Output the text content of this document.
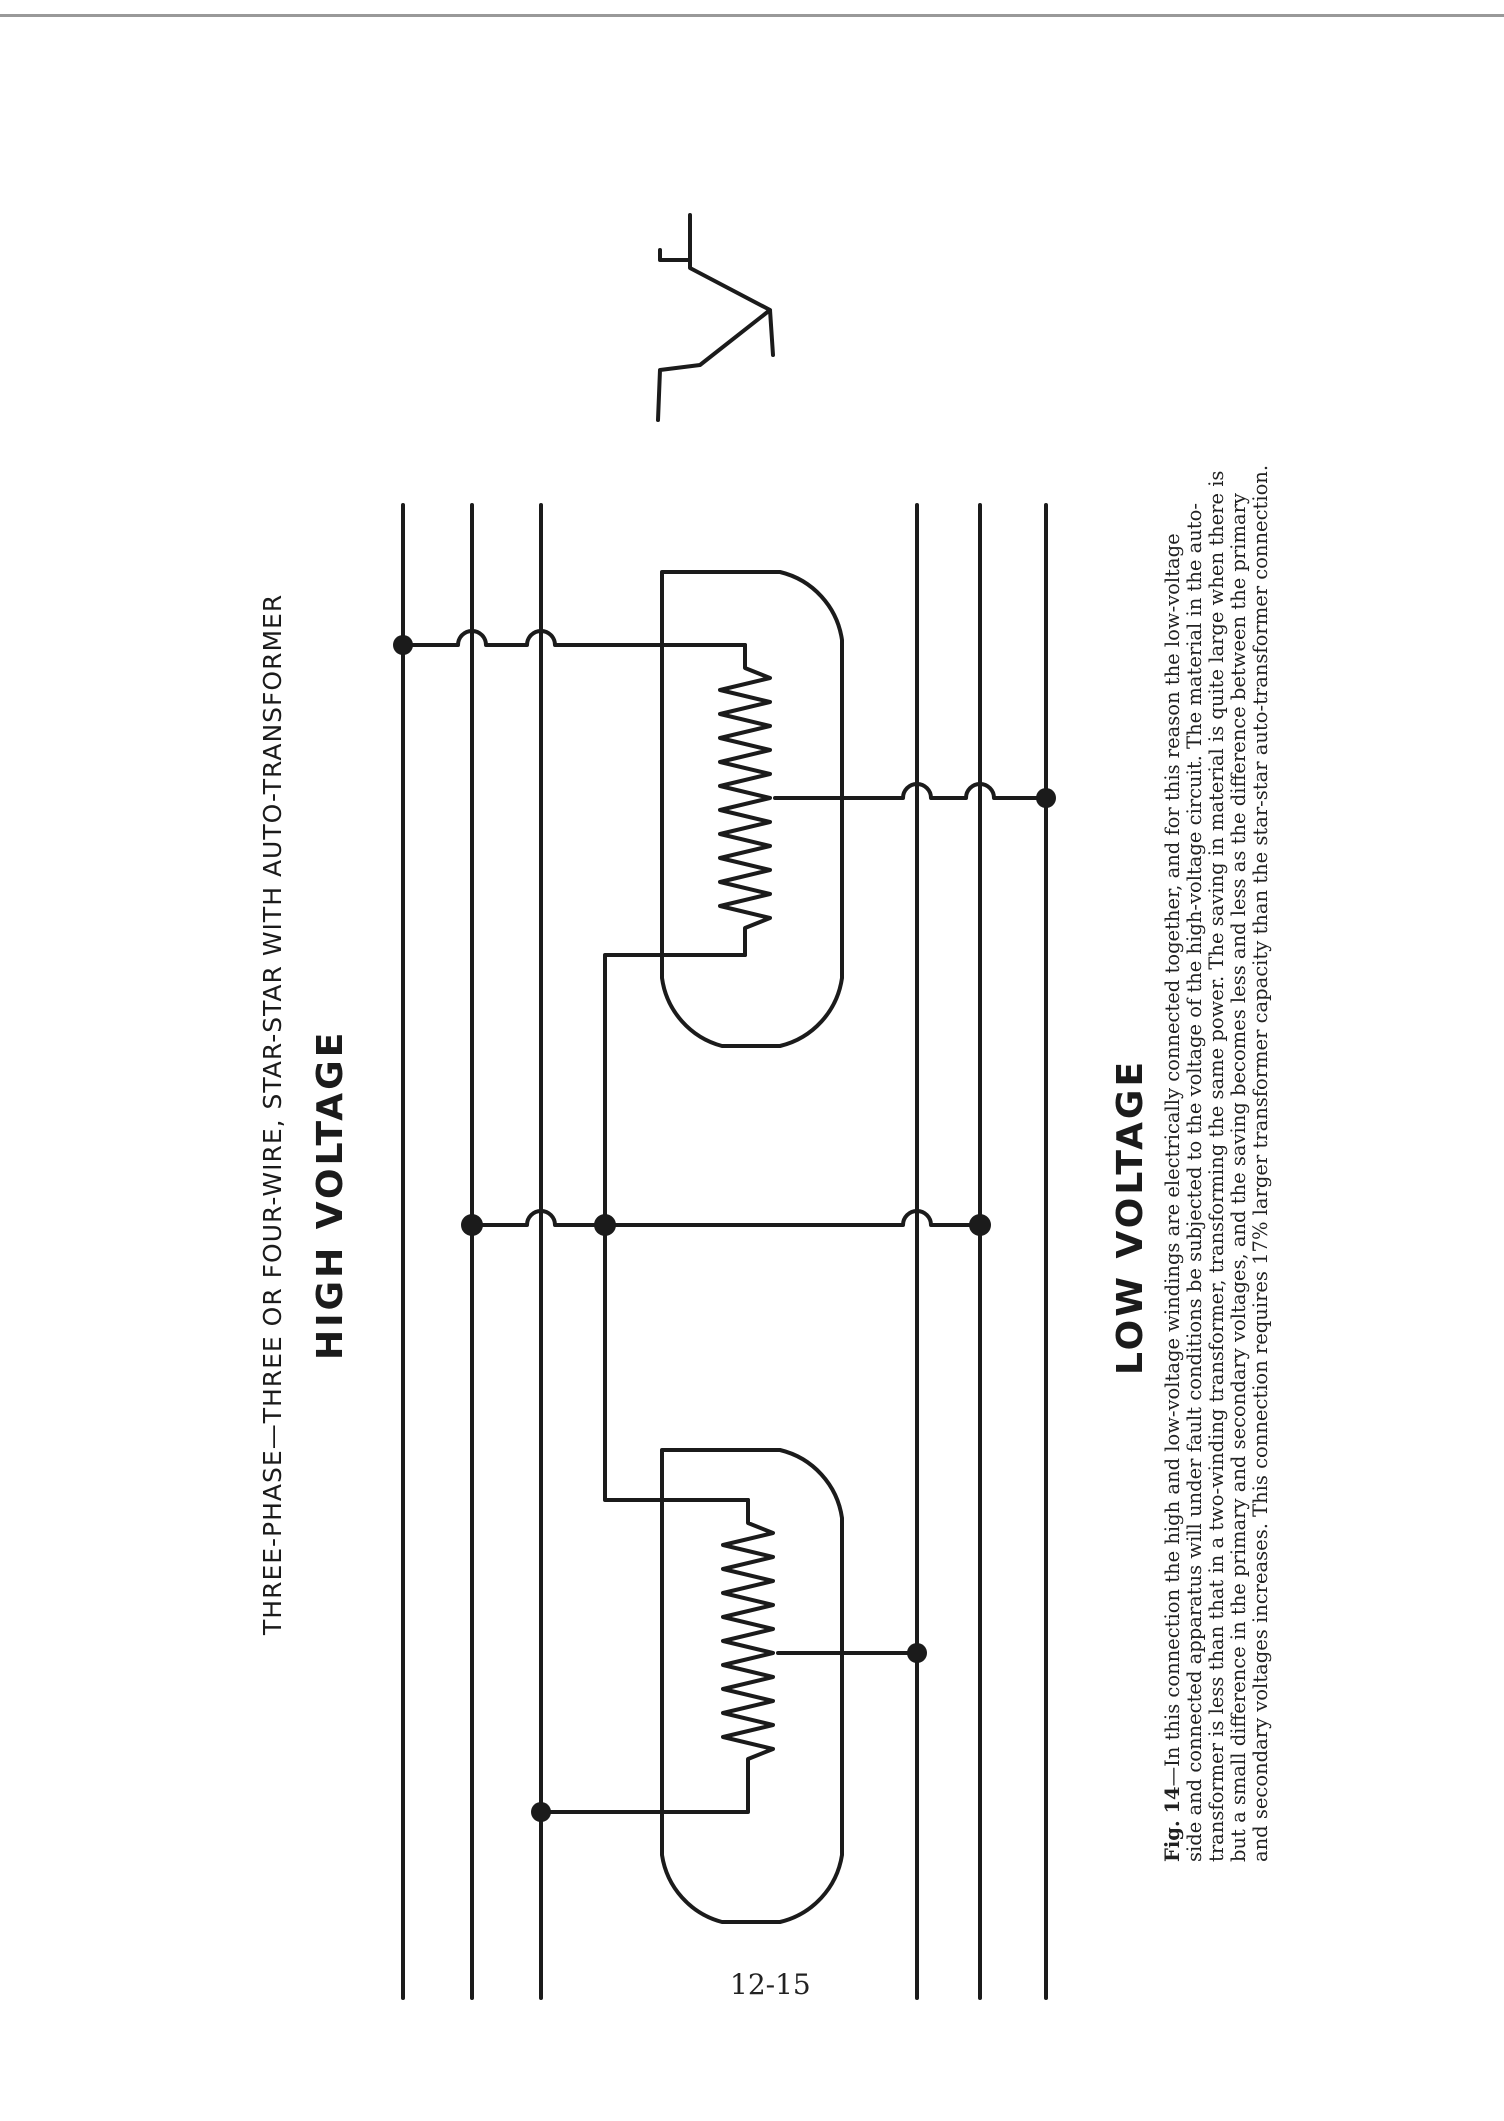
THREE-PHASE—THREE OR FOUR-WIRE, STAR-STAR WITH AUTO-TRANSFORMER HIGH VOLTAGE	LOW VOLTAGE
Fig. 14—In this connection the high and low-voltage windings are electrically connected together, and for this reason the low-voltage side and connected apparatus will under fault conditions be subjected to the voltage of the high-voltage circuit. The material in the auto- transformer is less than that in a two-winding transformer, transforming the same power. The saving in material is quite large when there is but a small difference in the primary and secondary voltages, and the saving becomes less and less as the difference between the primary and secondary voltages increases. This connection requires 17% larger transformer capacity than the star-star auto-transformer connection.
12-15
